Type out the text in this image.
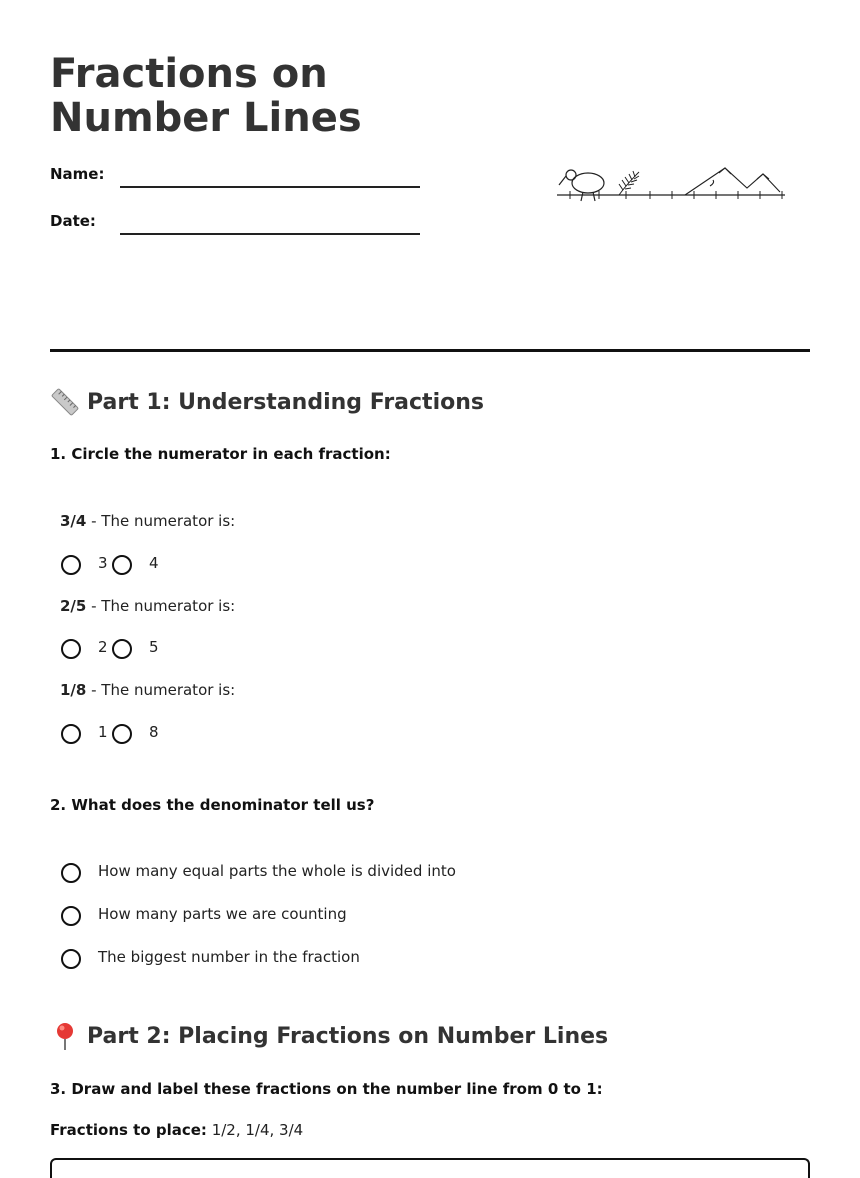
Fractions on Number Lines
Name:
Date:
Part 1: Understanding Fractions
1. Circle the numerator in each fraction:
3/4 - The numerator is:
3	4
2/5 - The numerator is:
2	5
1/8 - The numerator is:
1	8
2. What does the denominator tell us?
How many equal parts the whole is divided into
How many parts we are counting
The biggest number in the fraction
Part 2: Placing Fractions on Number Lines
3. Draw and label these fractions on the number line from 0 to 1:
Fractions to place: 1/2, 1/4, 3/4
